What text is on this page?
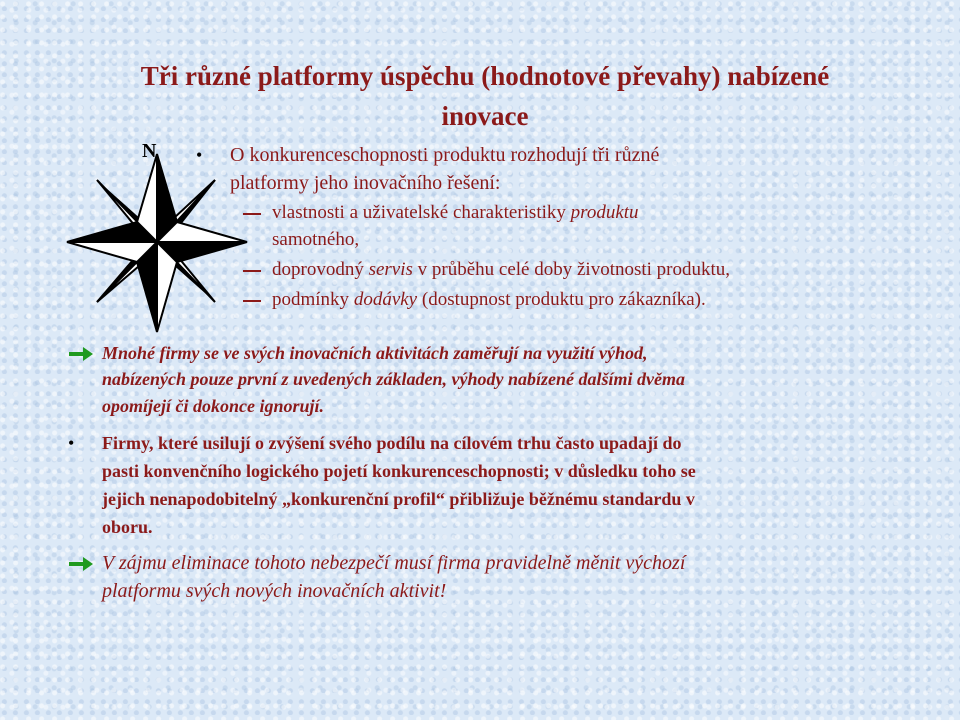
Tři různé platformy úspěchu (hodnotové převahy) nabízené
inovace
N • O konkurenceschopnosti produktu rozhodují tři různé
platformy jeho inovačního řešení:
vlastnosti a uživatelské charakteristiky produktu
samotného,
doprovodný servis v průběhu celé doby životnosti produktu,
podmínky dodávky (dostupnost produktu pro zákazníka).
Mnohé firmy se ve svých inovačních aktivitách zaměřují na využití výhod,
nabízených pouze první z uvedených základen, výhody nabízené dalšími dvěma
opomíjejí či dokonce ignorují.
• Firmy, které usilují o zvýšení svého podílu na cílovém trhu často upadají do
pasti konvenčního logického pojetí konkurenceschopnosti; v důsledku toho se
jejich nenapodobitelný „konkurenční profil“ přibližuje běžnému standardu v
oboru.
V zájmu eliminace tohoto nebezpečí musí firma pravidelně měnit výchozí
platformu svých nových inovačních aktivit!
